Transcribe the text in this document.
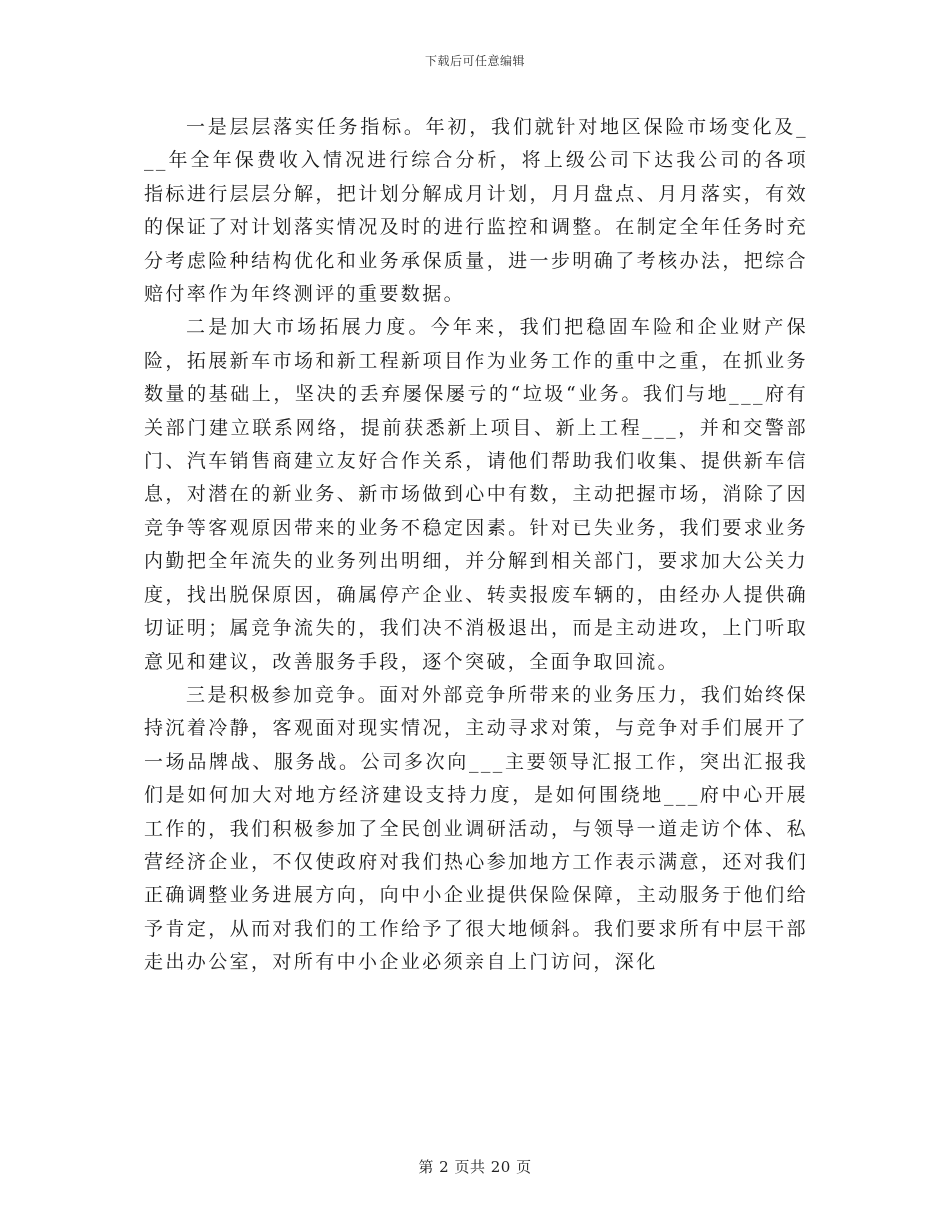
下载后可任意编辑

一是层层落实任务指标。年初，我们就针对地区保险市场变化及___年全年保费收入情况进行综合分析，将上级公司下达我公司的各项指标进行层层分解，把计划分解成月计划，月月盘点、月月落实，有效的保证了对计划落实情况及时的进行监控和调整。在制定全年任务时充分考虑险种结构优化和业务承保质量，进一步明确了考核办法，把综合赔付率作为年终测评的重要数据。

二是加大市场拓展力度。今年来，我们把稳固车险和企业财产保险，拓展新车市场和新工程新项目作为业务工作的重中之重，在抓业务数量的基础上，坚决的丢弃屡保屡亏的“垃圾“业务。我们与地___府有关部门建立联系网络，提前获悉新上项目、新上工程___，并和交警部门、汽车销售商建立友好合作关系，请他们帮助我们收集、提供新车信息，对潜在的新业务、新市场做到心中有数，主动把握市场，消除了因竞争等客观原因带来的业务不稳定因素。针对已失业务，我们要求业务内勤把全年流失的业务列出明细，并分解到相关部门，要求加大公关力度，找出脱保原因，确属停产企业、转卖报废车辆的，由经办人提供确切证明；属竞争流失的，我们决不消极退出，而是主动进攻，上门听取意见和建议，改善服务手段，逐个突破，全面争取回流。

三是积极参加竞争。面对外部竞争所带来的业务压力，我们始终保持沉着冷静，客观面对现实情况，主动寻求对策，与竞争对手们展开了一场品牌战、服务战。公司多次向___主要领导汇报工作，突出汇报我们是如何加大对地方经济建设支持力度，是如何围绕地___府中心开展工作的，我们积极参加了全民创业调研活动，与领导一道走访个体、私营经济企业，不仅使政府对我们热心参加地方工作表示满意，还对我们正确调整业务进展方向，向中小企业提供保险保障，主动服务于他们给予肯定，从而对我们的工作给予了很大地倾斜。我们要求所有中层干部走出办公室，对所有中小企业必须亲自上门访问，深化

第 2 页共 20 页
